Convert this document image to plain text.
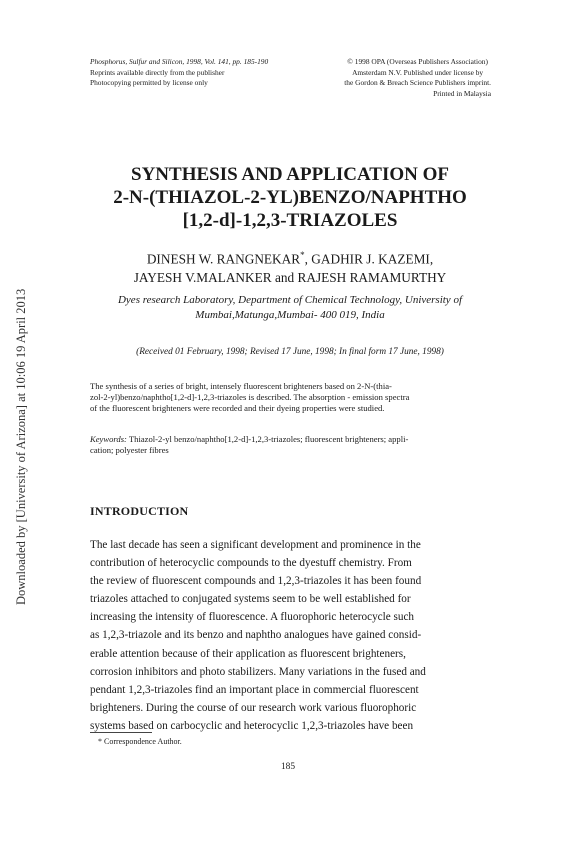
Downloaded by [University of Arizona] at 10:06 19 April 2013
Phosphorus, Sulfur and Silicon, 1998, Vol. 141, pp. 185-190
Reprints available directly from the publisher
Photocopying permitted by license only
© 1998 OPA (Overseas Publishers Association)
Amsterdam N.V. Published under license by
the Gordon & Breach Science Publishers imprint.
Printed in Malaysia
SYNTHESIS AND APPLICATION OF
2-N-(THIAZOL-2-YL)BENZO/NAPHTHO
[1,2-d]-1,2,3-TRIAZOLES
DINESH W. RANGNEKAR*, GADHIR J. KAZEMI,
JAYESH V.MALANKER and RAJESH RAMAMURTHY
Dyes research Laboratory, Department of Chemical Technology, University of
Mumbai,Matunga,Mumbai- 400 019, India
(Received 01 February, 1998; Revised 17 June, 1998; In final form 17 June, 1998)
The synthesis of a series of bright, intensely fluorescent brighteners based on 2-N-(thia-
zol-2-yl)benzo/naphtho[1,2-d]-1,2,3-triazoles is described. The absorption - emission spectra
of the fluorescent brighteners were recorded and their dyeing properties were studied.
Keywords: Thiazol-2-yl benzo/naphtho[1,2-d]-1,2,3-triazoles; fluorescent brighteners; appli-
cation; polyester fibres
INTRODUCTION
The last decade has seen a significant development and prominence in the
contribution of heterocyclic compounds to the dyestuff chemistry. From
the review of fluorescent compounds and 1,2,3-triazoles it has been found
triazoles attached to conjugated systems seem to be well established for
increasing the intensity of fluorescence. A fluorophoric heterocycle such
as 1,2,3-triazole and its benzo and naphtho analogues have gained consid-
erable attention because of their application as fluorescent brighteners,
corrosion inhibitors and photo stabilizers. Many variations in the fused and
pendant 1,2,3-triazoles find an important place in commercial fluorescent
brighteners. During the course of our research work various fluorophoric
systems based on carbocyclic and heterocyclic 1,2,3-triazoles have been
* Correspondence Author.
185
